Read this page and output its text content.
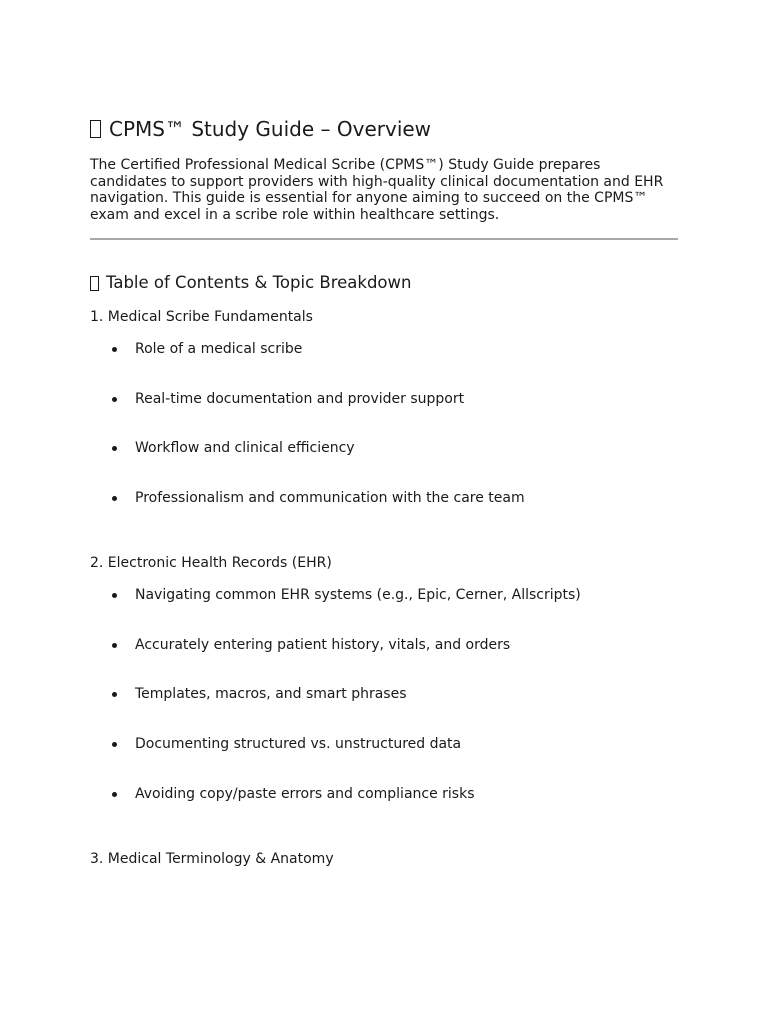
CPMS™ Study Guide – Overview

The Certified Professional Medical Scribe (CPMS™) Study Guide prepares candidates to support providers with high-quality clinical documentation and EHR navigation. This guide is essential for anyone aiming to succeed on the CPMS™ exam and excel in a scribe role within healthcare settings.

Table of Contents & Topic Breakdown
1. Medical Scribe Fundamentals
Role of a medical scribe
Real-time documentation and provider support
Workflow and clinical efficiency
Professionalism and communication with the care team
2. Electronic Health Records (EHR)
Navigating common EHR systems (e.g., Epic, Cerner, Allscripts)
Accurately entering patient history, vitals, and orders
Templates, macros, and smart phrases
Documenting structured vs. unstructured data
Avoiding copy/paste errors and compliance risks
3. Medical Terminology & Anatomy
